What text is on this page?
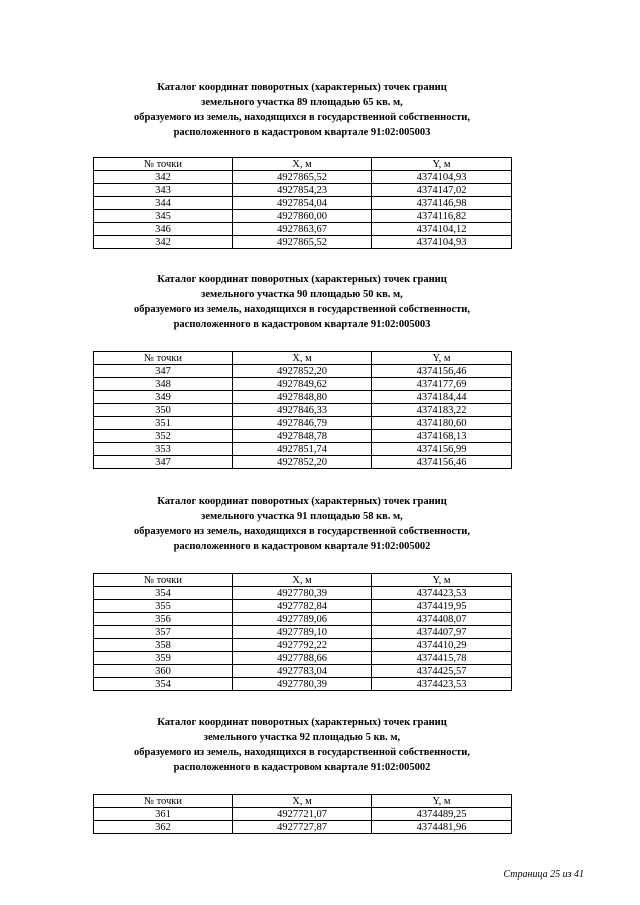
Каталог координат поворотных (характерных) точек границ
земельного участка 89 площадью 65 кв. м,
образуемого из земель, находящихся в государственной собственности,
расположенного в кадастровом квартале 91:02:005003
№ точки	X, м	Y, м
342	4927865,52	4374104,93
343	4927854,23	4374147,02
344	4927854,04	4374146,98
345	4927860,00	4374116,82
346	4927863,67	4374104,12
342	4927865,52	4374104,93
Каталог координат поворотных (характерных) точек границ
земельного участка 90 площадью 50 кв. м,
образуемого из земель, находящихся в государственной собственности,
расположенного в кадастровом квартале 91:02:005003
№ точки	X, м	Y, м
347	4927852,20	4374156,46
348	4927849,62	4374177,69
349	4927848,80	4374184,44
350	4927846,33	4374183,22
351	4927846,79	4374180,60
352	4927848,78	4374168,13
353	4927851,74	4374156,99
347	4927852,20	4374156,46
Каталог координат поворотных (характерных) точек границ
земельного участка 91 площадью 58 кв. м,
образуемого из земель, находящихся в государственной собственности,
расположенного в кадастровом квартале 91:02:005002
№ точки	X, м	Y, м
354	4927780,39	4374423,53
355	4927782,84	4374419,95
356	4927789,06	4374408,07
357	4927789,10	4374407,97
358	4927792,22	4374410,29
359	4927788,66	4374415,78
360	4927783,04	4374425,57
354	4927780,39	4374423,53
Каталог координат поворотных (характерных) точек границ
земельного участка 92 площадью 5 кв. м,
образуемого из земель, находящихся в государственной собственности,
расположенного в кадастровом квартале 91:02:005002
№ точки	X, м	Y, м
361	4927721,07	4374489,25
362	4927727,87	4374481,96
Страница 25 из 41
